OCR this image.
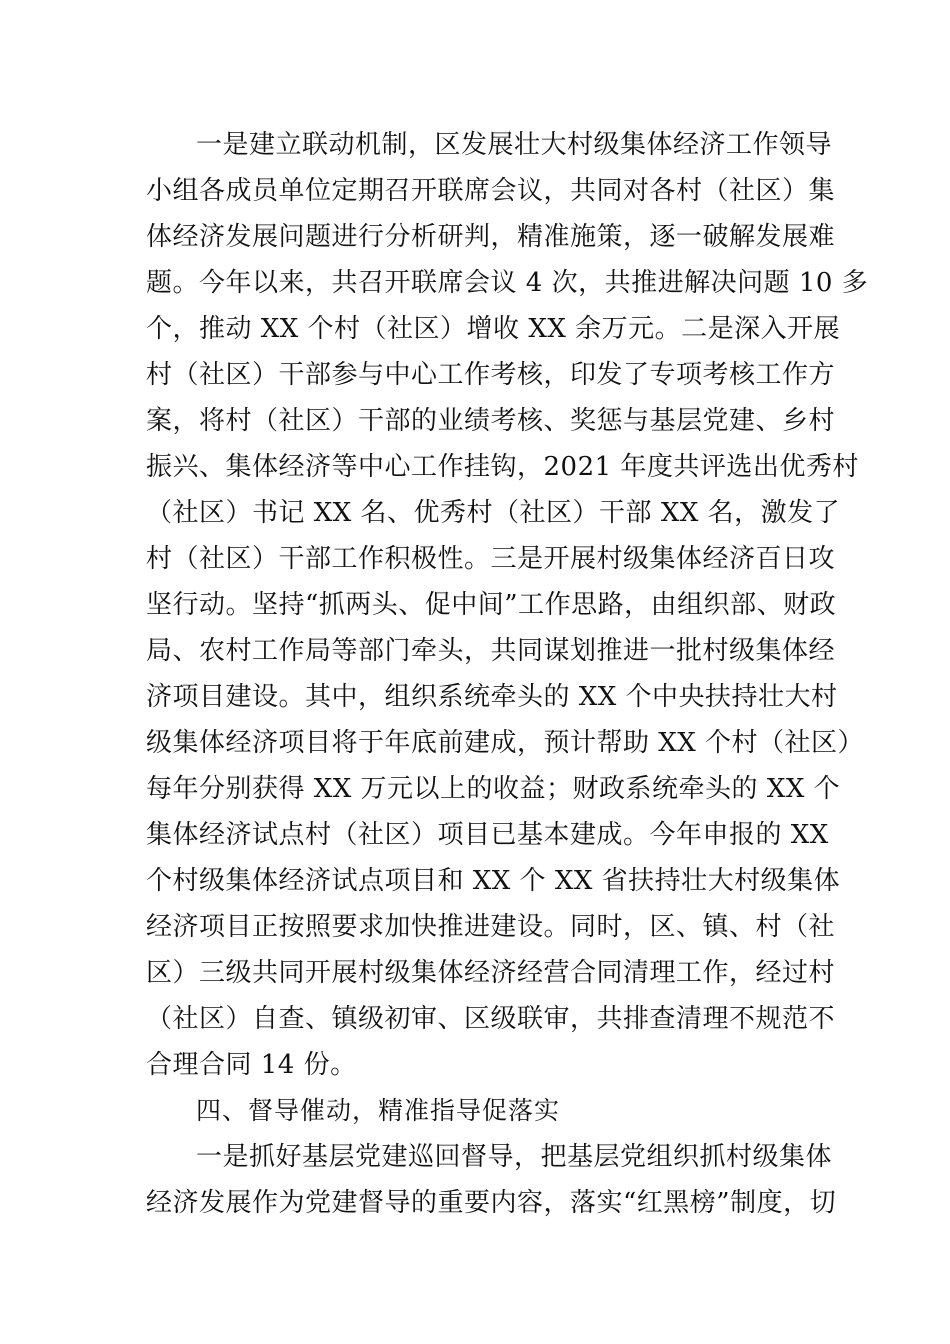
一是建立联动机制，区发展壮大村级集体经济工作领导
小组各成员单位定期召开联席会议，共同对各村（社区）集
体经济发展问题进行分析研判，精准施策，逐一破解发展难
题。今年以来，共召开联席会议 4 次，共推进解决问题 10 多
个，推动 XX 个村（社区）增收 XX 余万元。二是深入开展
村（社区）干部参与中心工作考核，印发了专项考核工作方
案，将村（社区）干部的业绩考核、奖惩与基层党建、乡村
振兴、集体经济等中心工作挂钩，2021 年度共评选出优秀村
（社区）书记 XX 名、优秀村（社区）干部 XX 名，激发了
村（社区）干部工作积极性。三是开展村级集体经济百日攻
坚行动。坚持“抓两头、促中间”工作思路，由组织部、财政
局、农村工作局等部门牵头，共同谋划推进一批村级集体经
济项目建设。其中，组织系统牵头的 XX 个中央扶持壮大村
级集体经济项目将于年底前建成，预计帮助 XX 个村（社区）
每年分别获得 XX 万元以上的收益；财政系统牵头的 XX 个
集体经济试点村（社区）项目已基本建成。今年申报的 XX
个村级集体经济试点项目和 XX 个 XX 省扶持壮大村级集体
经济项目正按照要求加快推进建设。同时，区、镇、村（社
区）三级共同开展村级集体经济经营合同清理工作，经过村
（社区）自查、镇级初审、区级联审，共排查清理不规范不
合理合同 14 份。
四、督导催动，精准指导促落实
一是抓好基层党建巡回督导，把基层党组织抓村级集体
经济发展作为党建督导的重要内容，落实“红黑榜”制度，切
